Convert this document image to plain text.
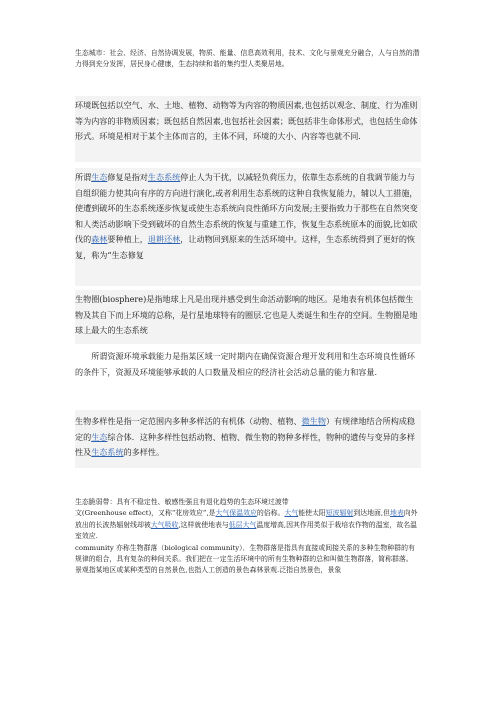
生态城市：社会、经济、自然协调发展，物质、能量、信息高效利用，技术、文化与景观充分融合，人与自然的潜力得到充分发挥，居民身心健康，生态持续和谐的集约型人类聚居地。

环境既包括以空气、水、土地、植物、动物等为内容的物质因素,也包括以观念、制度、行为准则等为内容的非物质因素；既包括自然因素,也包括社会因素；既包括非生命体形式，也包括生命体形式。环境是相对于某个主体而言的，主体不同，环境的大小、内容等也就不同.

所谓生态修复是指对生态系统停止人为干扰，以减轻负荷压力，依靠生态系统的自我调节能力与自组织能力使其向有序的方向进行演化,或者利用生态系统的这种自我恢复能力，辅以人工措施，使遭到破坏的生态系统逐步恢复或使生态系统向良性循环方向发展;主要指致力于那些在自然突变和人类活动影响下受到破坏的自然生态系统的恢复与重建工作，恢复生态系统原本的面貌,比如砍伐的森林要种植上，退耕还林，让动物回到原来的生活环境中。这样，生态系统得到了更好的恢复，称为“生态修复

生物圈(biosphere)是指地球上凡是出现并感受到生命活动影响的地区。是地表有机体包括微生物及其自下而上环境的总称，是行星地球特有的圈层.它也是人类诞生和生存的空间。生物圈是地球上最大的生态系统

所谓资源环境承载能力是指某区域一定时期内在确保资源合理开发利用和生态环境良性循环的条件下，资源及环境能够承载的人口数量及相应的经济社会活动总量的能力和容量.

生物多样性是指一定范围内多种多样活的有机体（动物、植物、微生物）有规律地结合所构成稳定的生态综合体．这种多样性包括动物、植物、微生物的物种多样性，物种的遗传与变异的多样性及生态系统的多样性。

生态脆弱带：具有不稳定性、敏感性强且有退化趋势的生态环境过渡带

文(Greenhouse effect)，又称“花房效应”,是大气保温效应的俗称。大气能使太阳短波辐射到达地面,但地表向外放出的长波热辐射线却被大气吸收,这样就使地表与低层大气温度增高,因其作用类似于栽培农作物的温室，故名温室效应.

community 亦称生物群落（biological community）．生物群落是指具有直接或间接关系的多种生物种群的有规律的组合，具有复杂的种间关系。我们把在一定生活环境中的所有生物种群的总和叫做生物群落，简称群落。

景观指某地区或某种类型的自然景色,也指人工创造的景色森林景观.泛指自然景色，景象
